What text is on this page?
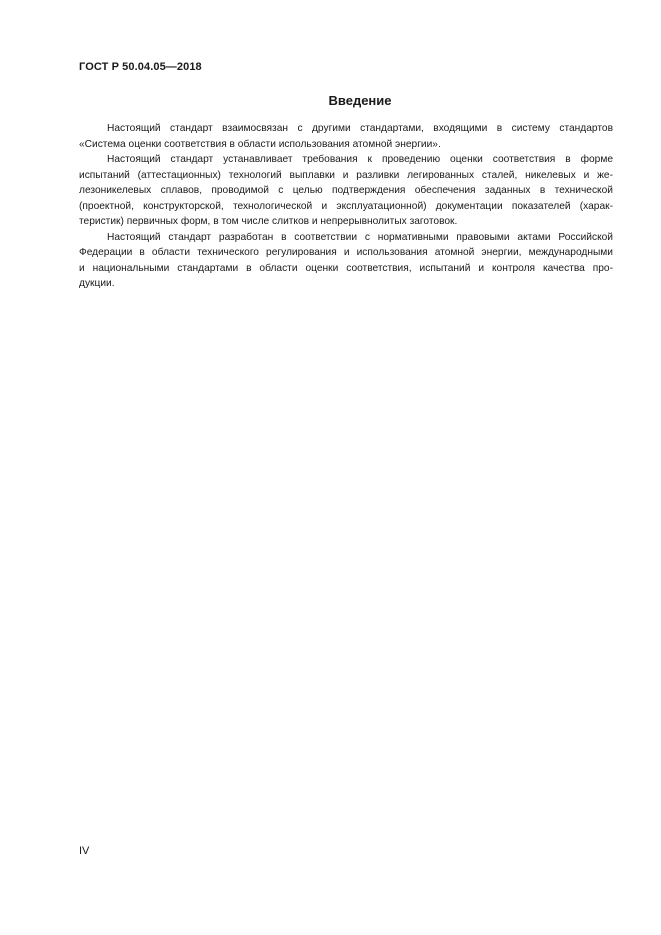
ГОСТ Р 50.04.05—2018
Введение
Настоящий стандарт взаимосвязан с другими стандартами, входящими в систему стандартов
«Система оценки соответствия в области использования атомной энергии».
Настоящий стандарт устанавливает требования к проведению оценки соответствия в форме
испытаний (аттестационных) технологий выплавки и разливки легированных сталей, никелевых и же-
лезоникелевых сплавов, проводимой с целью подтверждения обеспечения заданных в технической
(проектной, конструкторской, технологической и эксплуатационной) документации показателей (харак-
теристик) первичных форм, в том числе слитков и непрерывнолитых заготовок.
Настоящий стандарт разработан в соответствии с нормативными правовыми актами Российской
Федерации в области технического регулирования и использования атомной энергии, международными
и национальными стандартами в области оценки соответствия, испытаний и контроля качества про-
дукции.
IV
